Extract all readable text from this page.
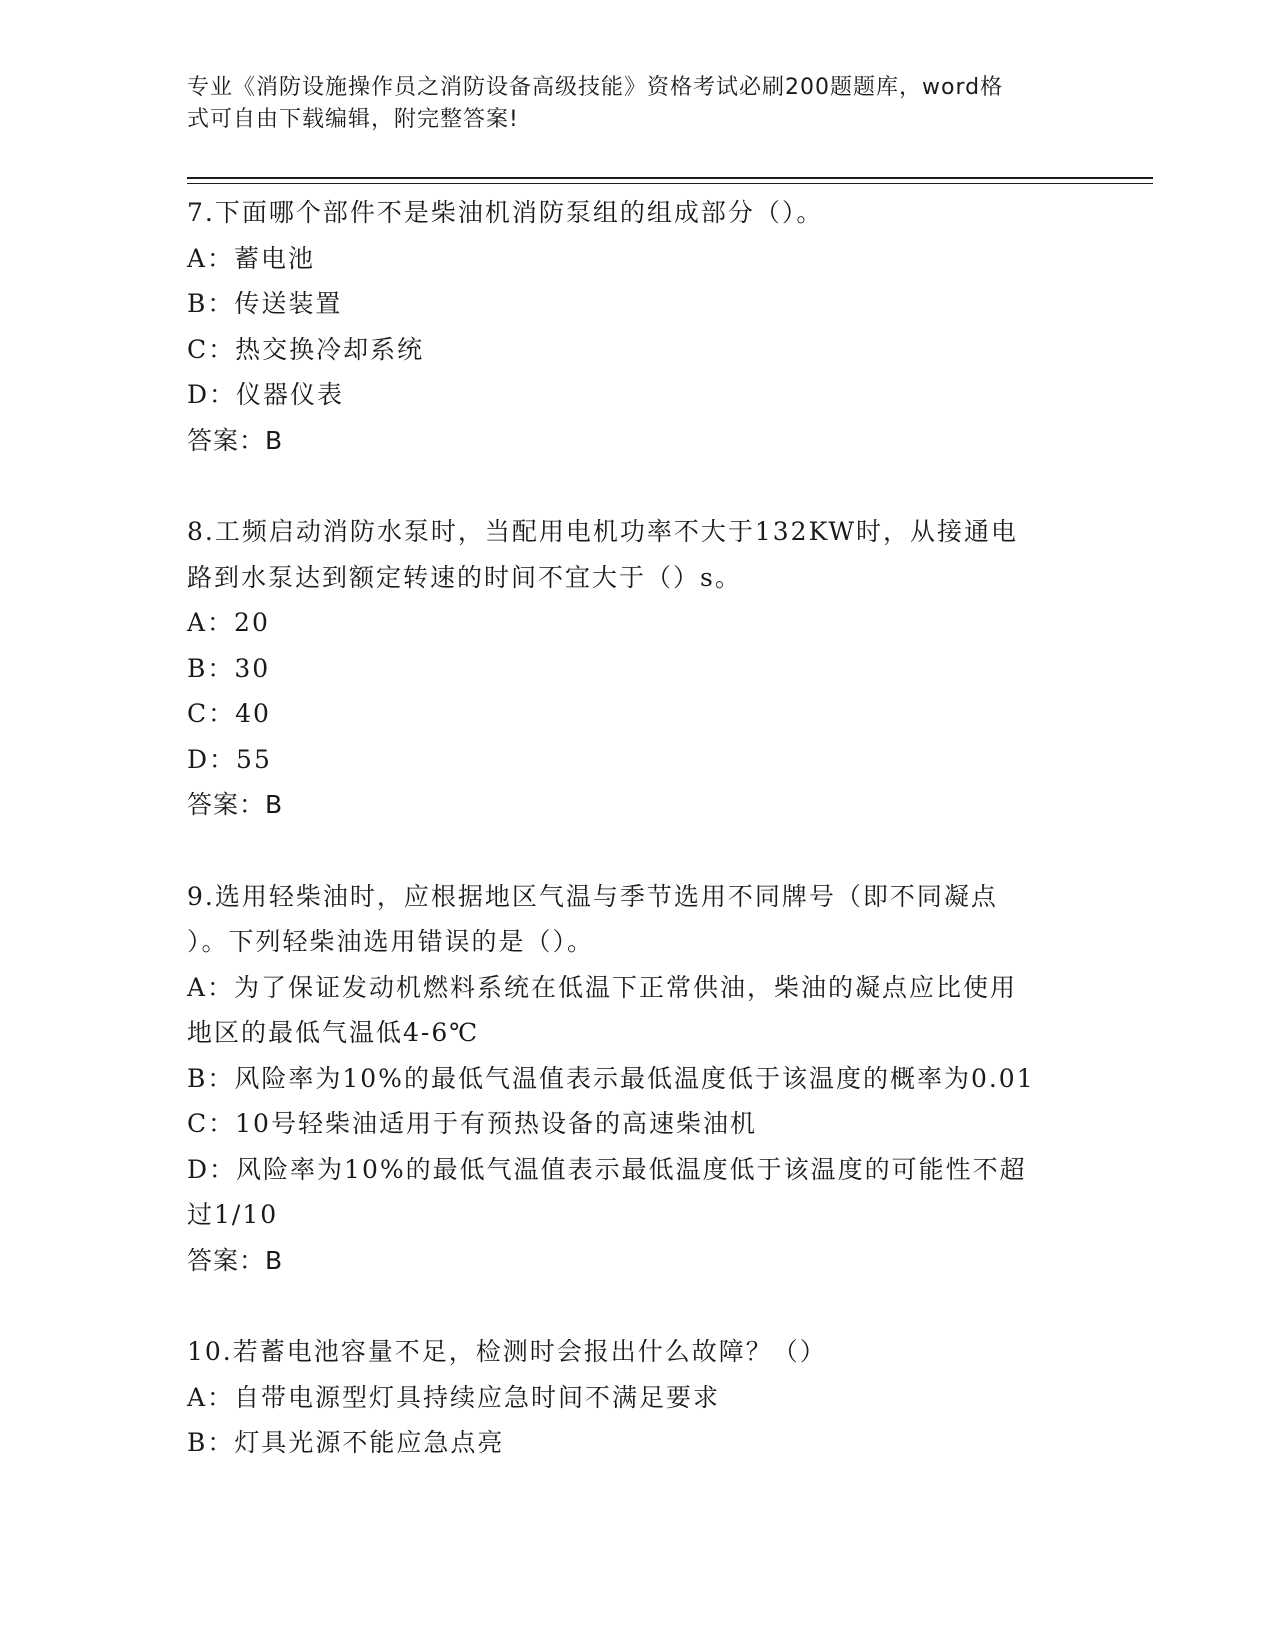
专业《消防设施操作员之消防设备高级技能》资格考试必刷200题题库，word格
式可自由下载编辑，附完整答案!
7.下面哪个部件不是柴油机消防泵组的组成部分（）。
A：蓄电池
B：传送装置
C：热交换冷却系统
D：仪器仪表
答案：B
8.工频启动消防水泵时，当配用电机功率不大于132KW时，从接通电
路到水泵达到额定转速的时间不宜大于（）s。
A：20
B：30
C：40
D：55
答案：B
9.选用轻柴油时，应根据地区气温与季节选用不同牌号（即不同凝点
）。下列轻柴油选用错误的是（）。
A：为了保证发动机燃料系统在低温下正常供油，柴油的凝点应比使用
地区的最低气温低4-6℃
B：风险率为10%的最低气温值表示最低温度低于该温度的概率为0.01
C：10号轻柴油适用于有预热设备的高速柴油机
D：风险率为10%的最低气温值表示最低温度低于该温度的可能性不超
过1/10
答案：B
10.若蓄电池容量不足，检测时会报出什么故障？（）
A：自带电源型灯具持续应急时间不满足要求
B：灯具光源不能应急点亮
